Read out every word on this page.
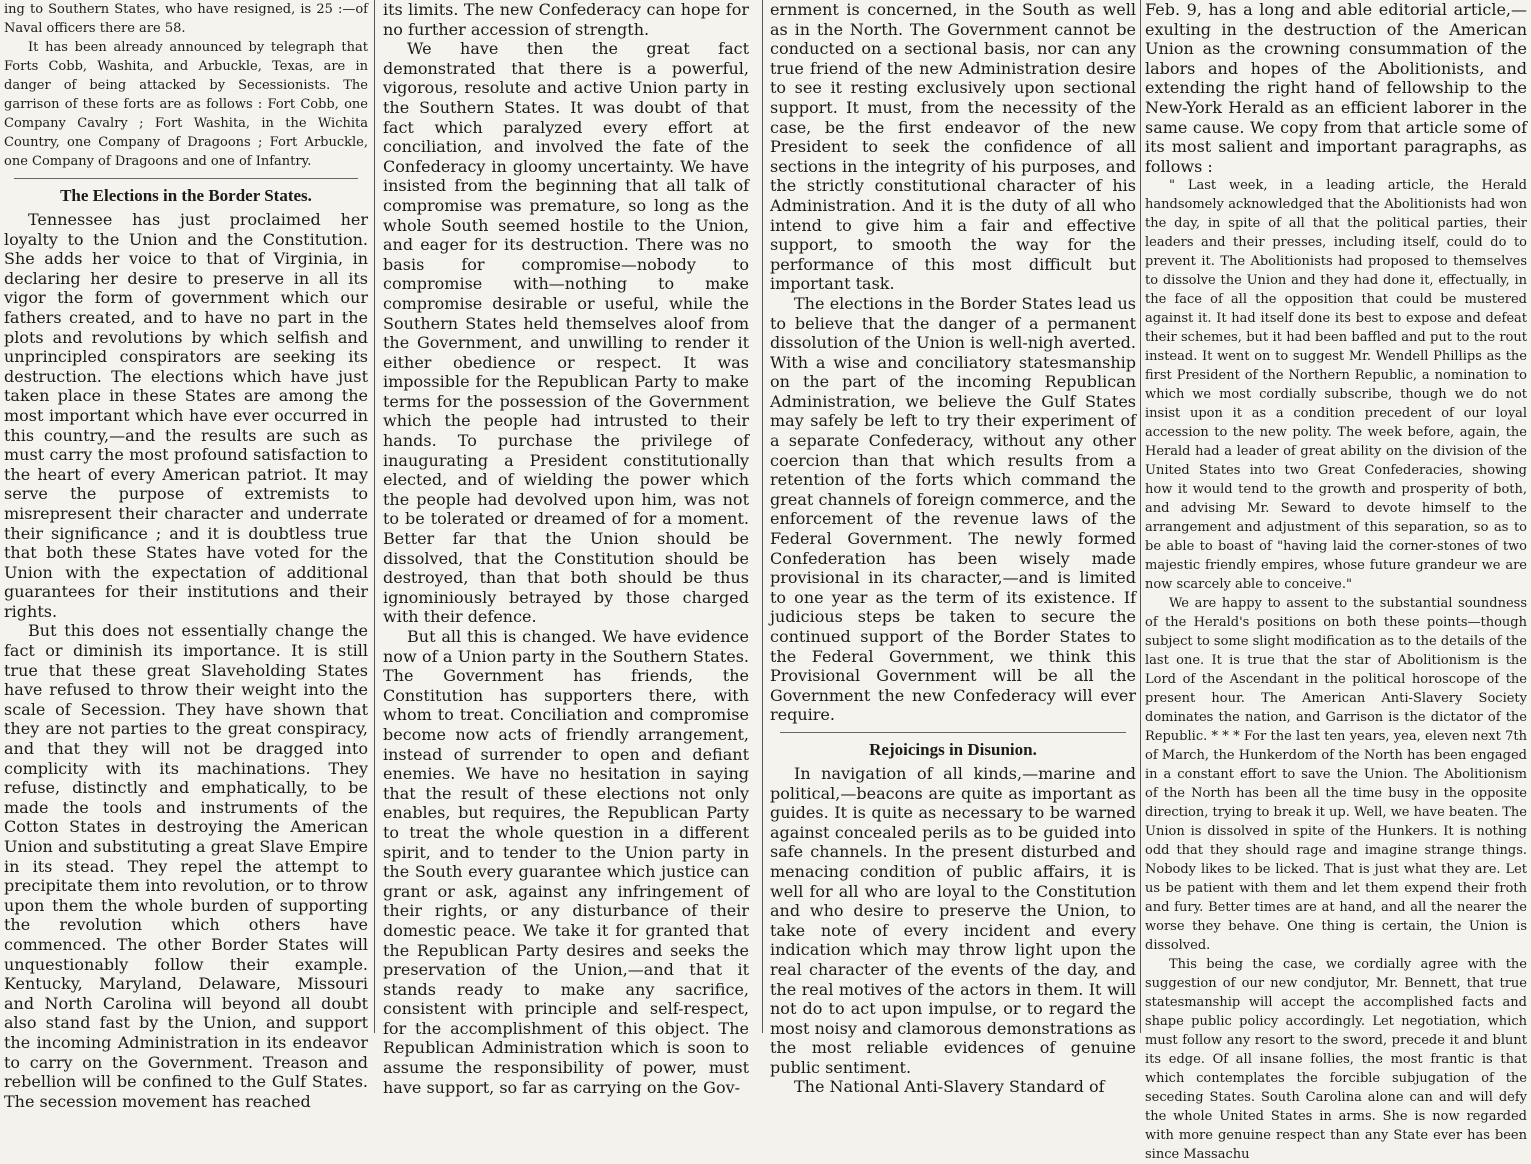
ing to Southern States, who have resigned, is 25 :—of Naval officers there are 58.

It has been already announced by telegraph that Forts Cobb, Washita, and Arbuckle, Texas, are in danger of being attacked by Secessionists. The garrison of these forts are as follows : Fort Cobb, one Company Cavalry ; Fort Washita, in the Wichita Country, one Company of Dragoons ; Fort Arbuckle, one Company of Dragoons and one of Infantry.

The Elections in the Border States.

Tennessee has just proclaimed her loyalty to the Union and the Constitution. She adds her voice to that of Virginia, in declaring her desire to preserve in all its vigor the form of government which our fathers created, and to have no part in the plots and revolutions by which selfish and unprincipled conspirators are seeking its destruction. The elections which have just taken place in these States are among the most important which have ever occurred in this country,—and the results are such as must carry the most profound satisfaction to the heart of every American patriot. It may serve the purpose of extremists to misrepresent their character and underrate their significance ; and it is doubtless true that both these States have voted for the Union with the expectation of additional guarantees for their institutions and their rights.

But this does not essentially change the fact or diminish its importance. It is still true that these great Slaveholding States have refused to throw their weight into the scale of Secession. They have shown that they are not parties to the great conspiracy, and that they will not be dragged into complicity with its machinations. They refuse, distinctly and emphatically, to be made the tools and instruments of the Cotton States in destroying the American Union and substituting a great Slave Empire in its stead. They repel the attempt to precipitate them into revolution, or to throw upon them the whole burden of supporting the revolution which others have commenced. The other Border States will unquestionably follow their example. Kentucky, Maryland, Delaware, Missouri and North Carolina will beyond all doubt also stand fast by the Union, and support the incoming Administration in its endeavor to carry on the Government. Treason and rebellion will be confined to the Gulf States. The secession movement has reached

its limits. The new Confederacy can hope for no further accession of strength.

We have then the great fact demonstrated that there is a powerful, vigorous, resolute and active Union party in the Southern States. It was doubt of that fact which paralyzed every effort at conciliation, and involved the fate of the Confederacy in gloomy uncertainty. We have insisted from the beginning that all talk of compromise was premature, so long as the whole South seemed hostile to the Union, and eager for its destruction. There was no basis for compromise—nobody to compromise with—nothing to make compromise desirable or useful, while the Southern States held themselves aloof from the Government, and unwilling to render it either obedience or respect. It was impossible for the Republican Party to make terms for the possession of the Government which the people had intrusted to their hands. To purchase the privilege of inaugurating a President constitutionally elected, and of wielding the power which the people had devolved upon him, was not to be tolerated or dreamed of for a moment. Better far that the Union should be dissolved, that the Constitution should be destroyed, than that both should be thus ignominiously betrayed by those charged with their defence.

But all this is changed. We have evidence now of a Union party in the Southern States. The Government has friends, the Constitution has supporters there, with whom to treat. Conciliation and compromise become now acts of friendly arrangement, instead of surrender to open and defiant enemies. We have no hesitation in saying that the result of these elections not only enables, but requires, the Republican Party to treat the whole question in a different spirit, and to tender to the Union party in the South every guarantee which justice can grant or ask, against any infringement of their rights, or any disturbance of their domestic peace. We take it for granted that the Republican Party desires and seeks the preservation of the Union,—and that it stands ready to make any sacrifice, consistent with principle and self-respect, for the accomplishment of this object. The Republican Administration which is soon to assume the responsibility of power, must have support, so far as carrying on the Gov-

ernment is concerned, in the South as well as in the North. The Government cannot be conducted on a sectional basis, nor can any true friend of the new Administration desire to see it resting exclusively upon sectional support. It must, from the necessity of the case, be the first endeavor of the new President to seek the confidence of all sections in the integrity of his purposes, and the strictly constitutional character of his Administration. And it is the duty of all who intend to give him a fair and effective support, to smooth the way for the performance of this most difficult but important task.

The elections in the Border States lead us to believe that the danger of a permanent dissolution of the Union is well-nigh averted. With a wise and conciliatory statesmanship on the part of the incoming Republican Administration, we believe the Gulf States may safely be left to try their experiment of a separate Confederacy, without any other coercion than that which results from a retention of the forts which command the great channels of foreign commerce, and the enforcement of the revenue laws of the Federal Government. The newly formed Confederation has been wisely made provisional in its character,—and is limited to one year as the term of its existence. If judicious steps be taken to secure the continued support of the Border States to the Federal Government, we think this Provisional Government will be all the Government the new Confederacy will ever require.

Rejoicings in Disunion.

In navigation of all kinds,—marine and political,—beacons are quite as important as guides. It is quite as necessary to be warned against concealed perils as to be guided into safe channels. In the present disturbed and menacing condition of public affairs, it is well for all who are loyal to the Constitution and who desire to preserve the Union, to take note of every incident and every indication which may throw light upon the real character of the events of the day, and the real motives of the actors in them. It will not do to act upon impulse, or to regard the most noisy and clamorous demonstrations as the most reliable evidences of genuine public sentiment.

The National Anti-Slavery Standard of

Feb. 9, has a long and able editorial article,—exulting in the destruction of the American Union as the crowning consummation of the labors and hopes of the Abolitionists, and extending the right hand of fellowship to the New-York Herald as an efficient laborer in the same cause. We copy from that article some of its most salient and important paragraphs, as follows :

" Last week, in a leading article, the Herald handsomely acknowledged that the Abolitionists had won the day, in spite of all that the political parties, their leaders and their presses, including itself, could do to prevent it. The Abolitionists had proposed to themselves to dissolve the Union and they had done it, effectually, in the face of all the opposition that could be mustered against it. It had itself done its best to expose and defeat their schemes, but it had been baffled and put to the rout instead. It went on to suggest Mr. Wendell Phillips as the first President of the Northern Republic, a nomination to which we most cordially subscribe, though we do not insist upon it as a condition precedent of our loyal accession to the new polity. The week before, again, the Herald had a leader of great ability on the division of the United States into two Great Confederacies, showing how it would tend to the growth and prosperity of both, and advising Mr. Seward to devote himself to the arrangement and adjustment of this separation, so as to be able to boast of "having laid the corner-stones of two majestic friendly empires, whose future grandeur we are now scarcely able to conceive."

We are happy to assent to the substantial soundness of the Herald's positions on both these points—though subject to some slight modification as to the details of the last one. It is true that the star of Abolitionism is the Lord of the Ascendant in the political horoscope of the present hour. The American Anti-Slavery Society dominates the nation, and Garrison is the dictator of the Republic. * * * For the last ten years, yea, eleven next 7th of March, the Hunkerdom of the North has been engaged in a constant effort to save the Union. The Abolitionism of the North has been all the time busy in the opposite direction, trying to break it up. Well, we have beaten. The Union is dissolved in spite of the Hunkers. It is nothing odd that they should rage and imagine strange things. Nobody likes to be licked. That is just what they are. Let us be patient with them and let them expend their froth and fury. Better times are at hand, and all the nearer the worse they behave. One thing is certain, the Union is dissolved.

This being the case, we cordially agree with the suggestion of our new condjutor, Mr. Bennett, that true statesmanship will accept the accomplished facts and shape public policy accordingly. Let negotiation, which must follow any resort to the sword, precede it and blunt its edge. Of all insane follies, the most frantic is that which contemplates the forcible subjugation of the seceding States. South Carolina alone can and will defy the whole United States in arms. She is now regarded with more genuine respect than any State ever has been since Massachu
